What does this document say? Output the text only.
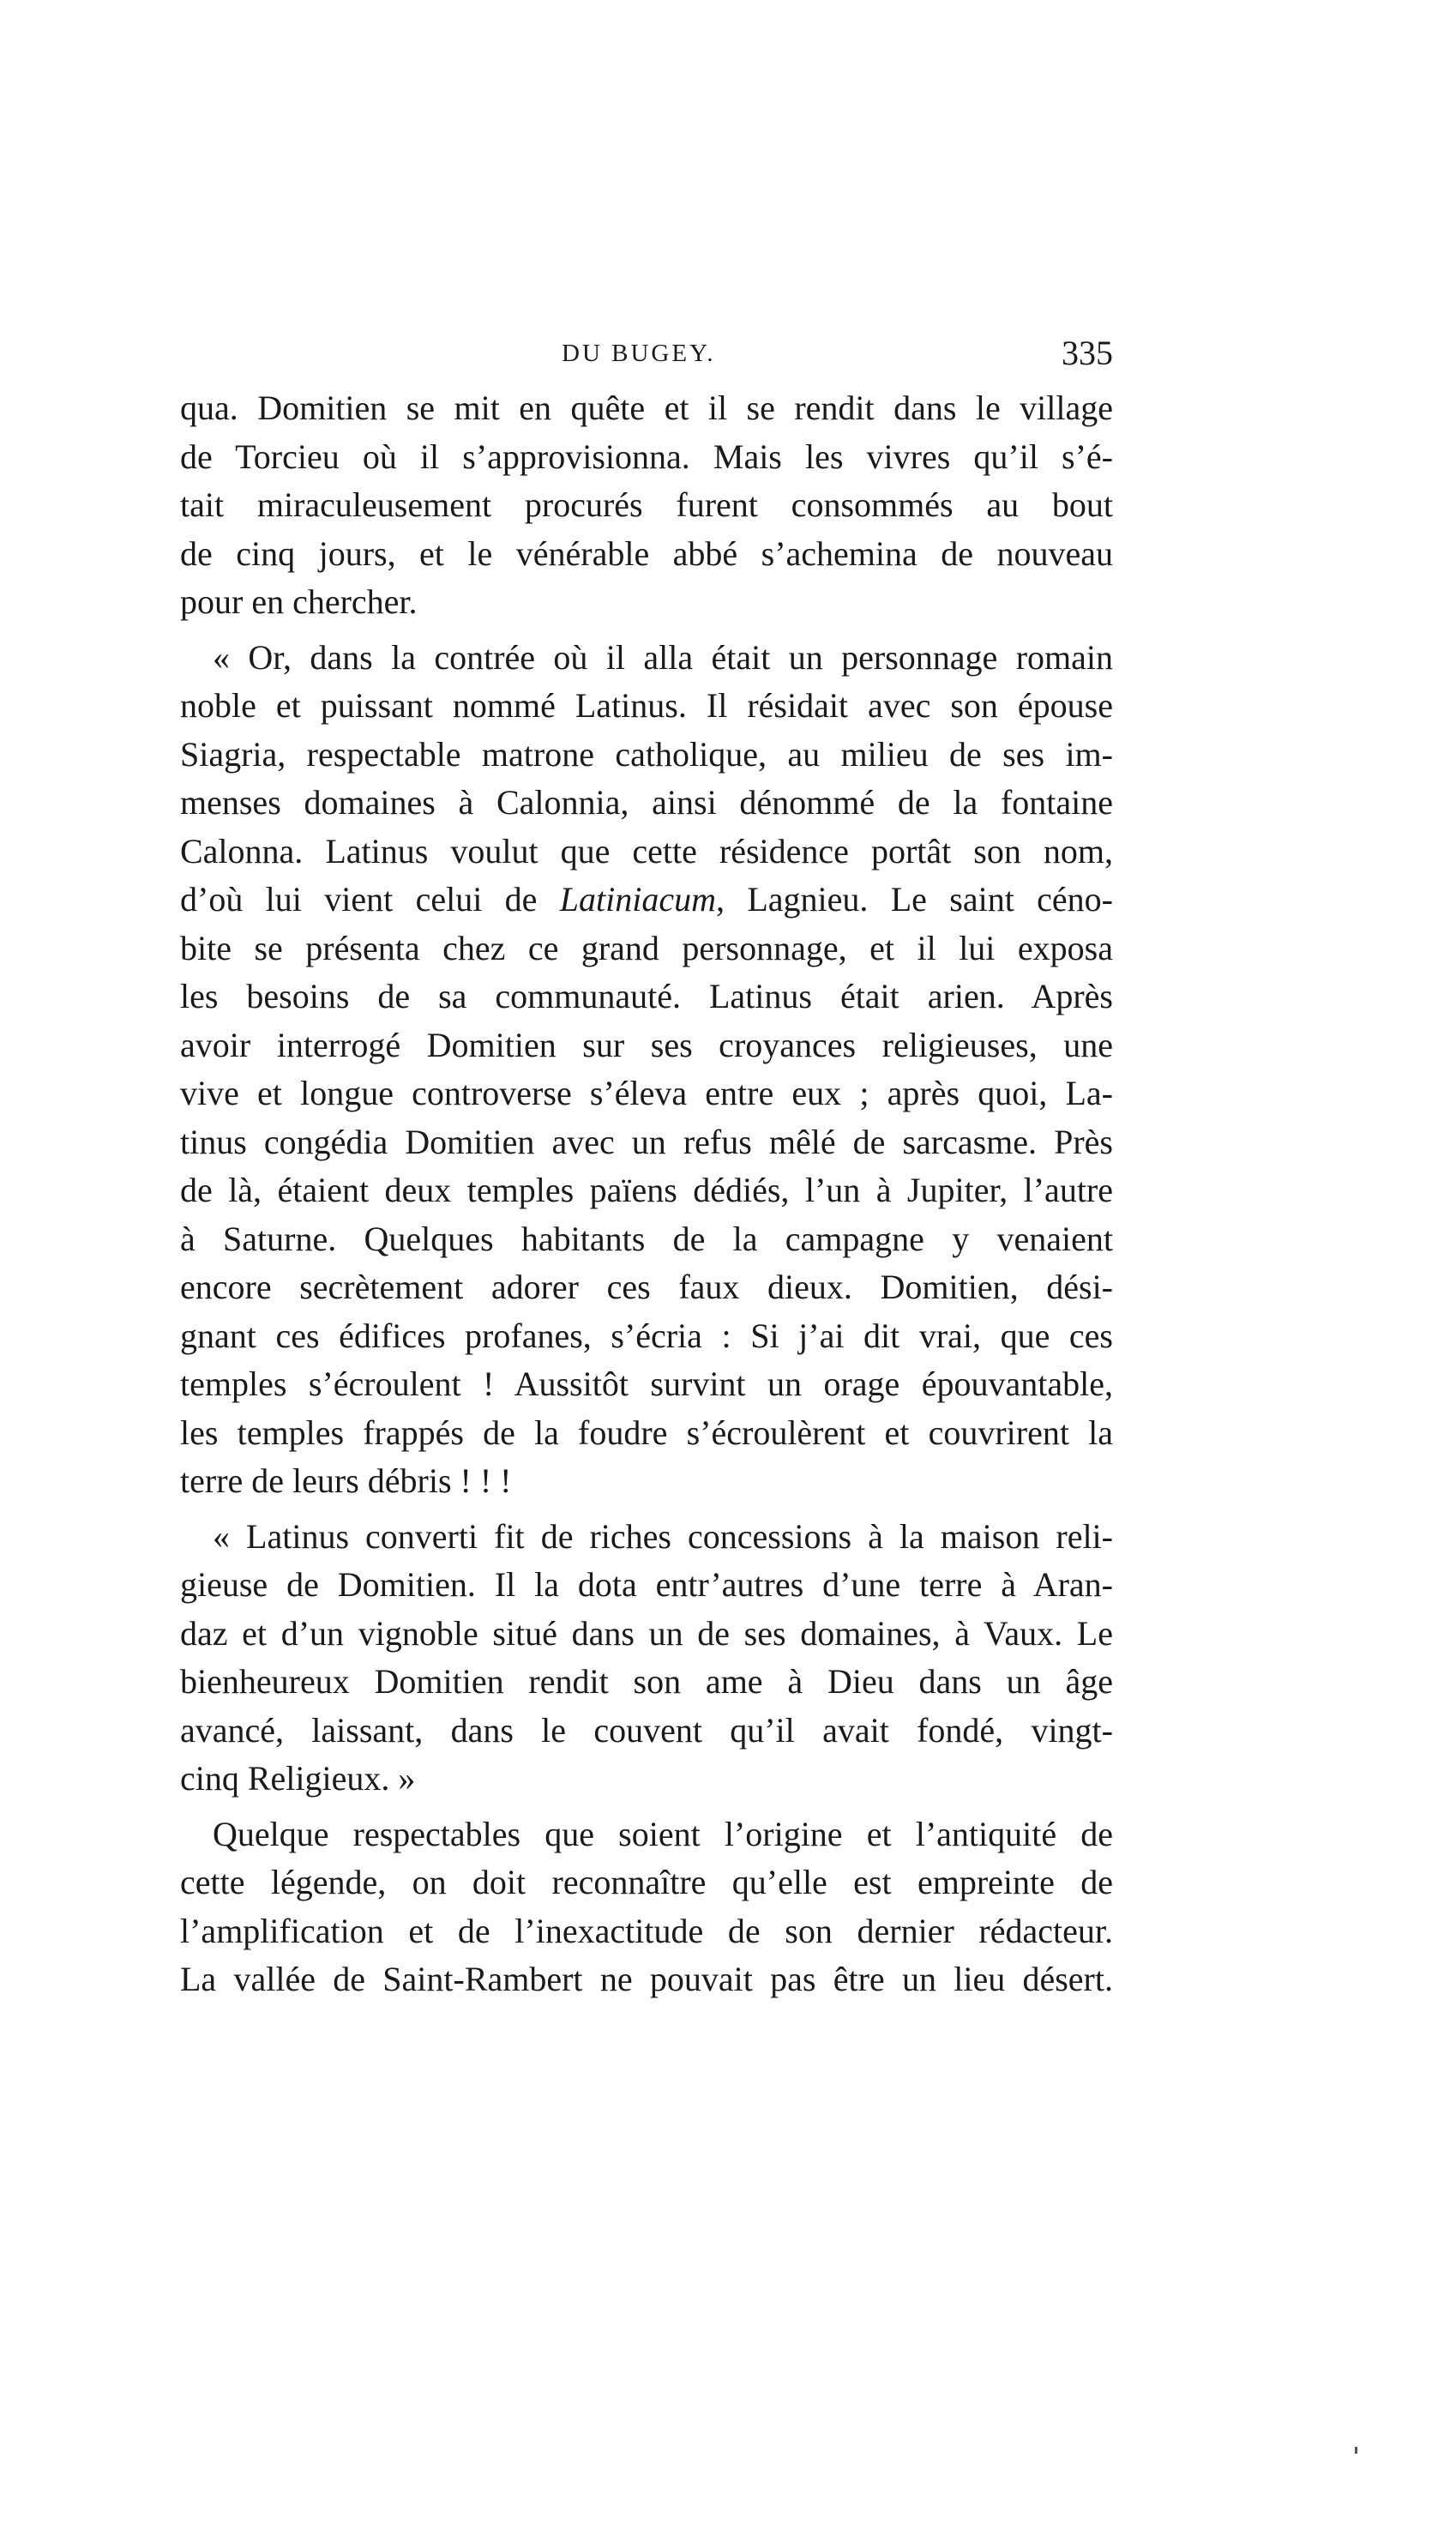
DU BUGEY.	335
qua. Domitien se mit en quête et il se rendit dans le village
de Torcieu où il s’approvisionna. Mais les vivres qu’il s’é-
tait miraculeusement procurés furent consommés au bout
de cinq jours, et le vénérable abbé s’achemina de nouveau
pour en chercher.
« Or, dans la contrée où il alla était un personnage romain
noble et puissant nommé Latinus. Il résidait avec son épouse
Siagria, respectable matrone catholique, au milieu de ses im-
menses domaines à Calonnia, ainsi dénommé de la fontaine
Calonna. Latinus voulut que cette résidence portât son nom,
d’où lui vient celui de Latiniacum, Lagnieu. Le saint céno-
bite se présenta chez ce grand personnage, et il lui exposa
les besoins de sa communauté. Latinus était arien. Après
avoir interrogé Domitien sur ses croyances religieuses, une
vive et longue controverse s’éleva entre eux ; après quoi, La-
tinus congédia Domitien avec un refus mêlé de sarcasme. Près
de là, étaient deux temples païens dédiés, l’un à Jupiter, l’autre
à Saturne. Quelques habitants de la campagne y venaient
encore secrètement adorer ces faux dieux. Domitien, dési-
gnant ces édifices profanes, s’écria : Si j’ai dit vrai, que ces
temples s’écroulent ! Aussitôt survint un orage épouvantable,
les temples frappés de la foudre s’écroulèrent et couvrirent la
terre de leurs débris ! ! !
« Latinus converti fit de riches concessions à la maison reli-
gieuse de Domitien. Il la dota entr’autres d’une terre à Aran-
daz et d’un vignoble situé dans un de ses domaines, à Vaux. Le
bienheureux Domitien rendit son ame à Dieu dans un âge
avancé, laissant, dans le couvent qu’il avait fondé, vingt-
cinq Religieux. »
Quelque respectables que soient l’origine et l’antiquité de
cette légende, on doit reconnaître qu’elle est empreinte de
l’amplification et de l’inexactitude de son dernier rédacteur.
La vallée de Saint-Rambert ne pouvait pas être un lieu désert.
